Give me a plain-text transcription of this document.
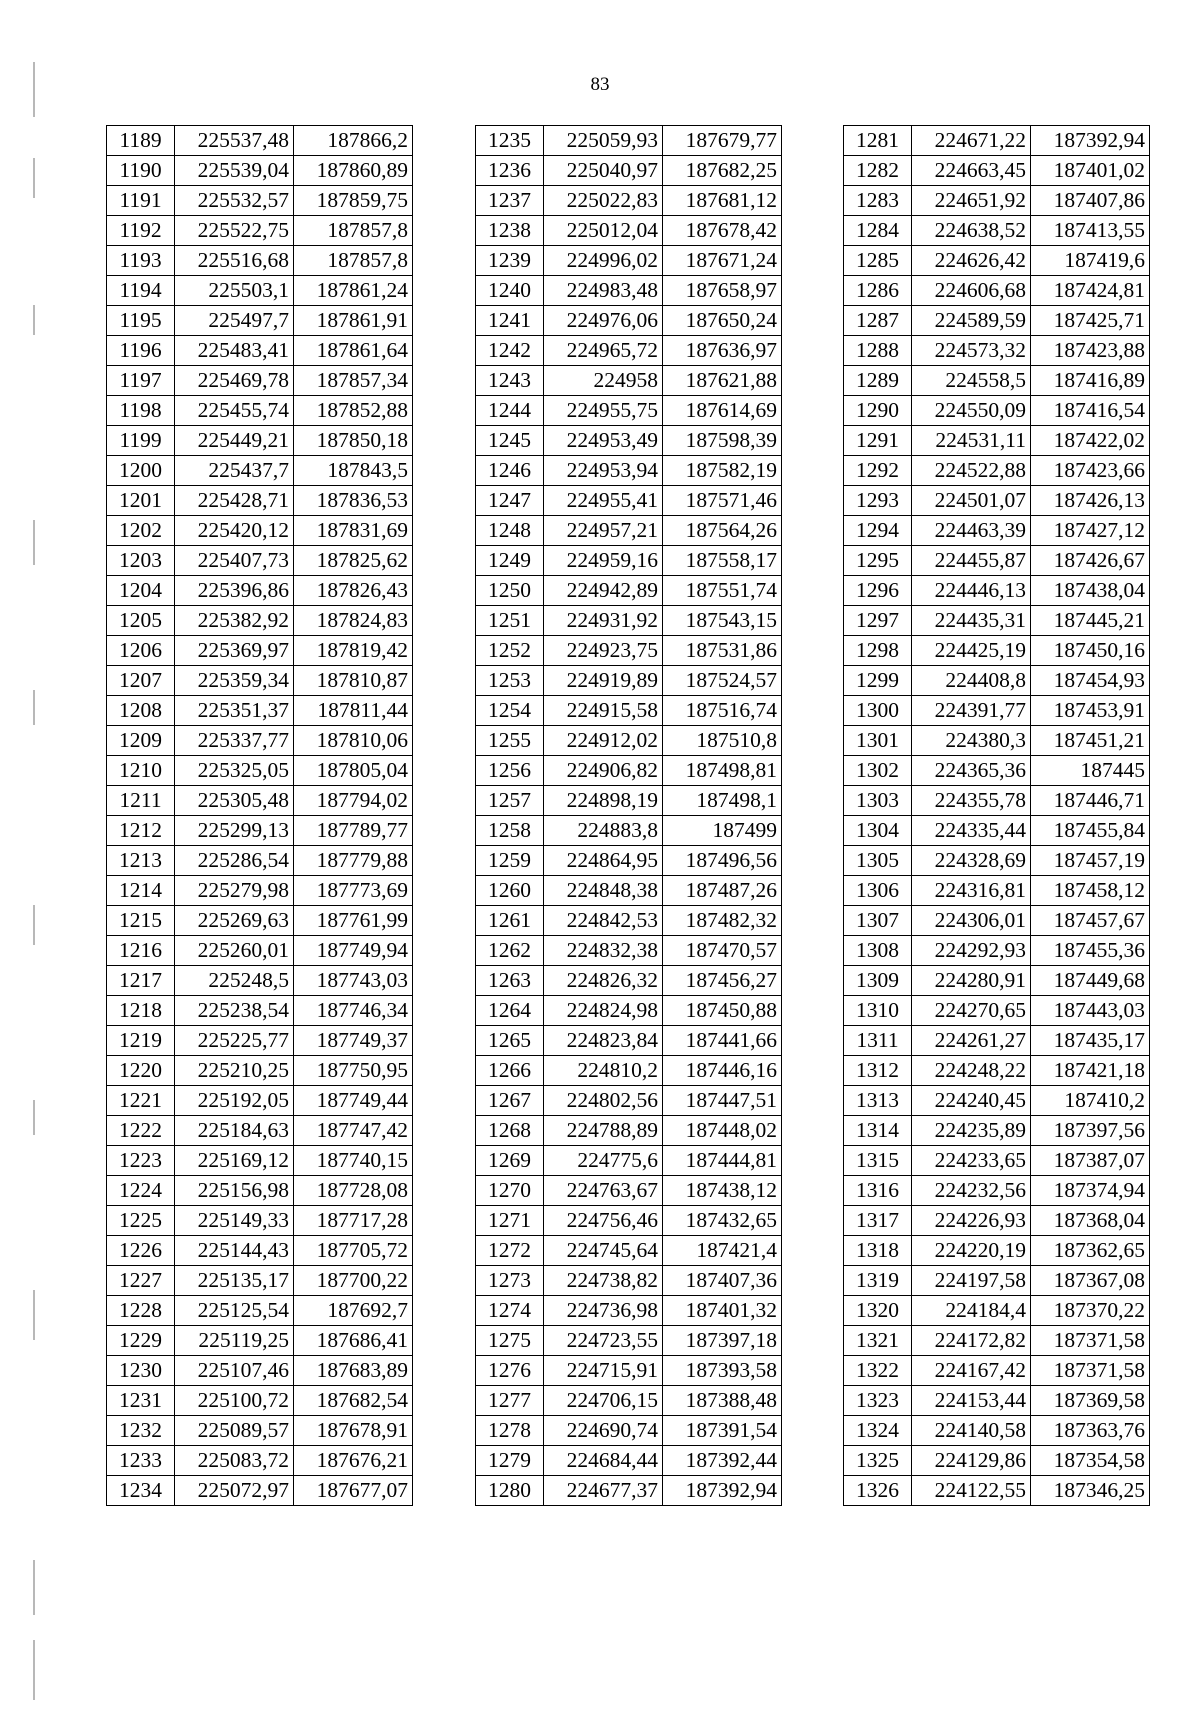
83
1189	225537,48	187866,2
1190	225539,04	187860,89
1191	225532,57	187859,75
1192	225522,75	187857,8
1193	225516,68	187857,8
1194	225503,1	187861,24
1195	225497,7	187861,91
1196	225483,41	187861,64
1197	225469,78	187857,34
1198	225455,74	187852,88
1199	225449,21	187850,18
1200	225437,7	187843,5
1201	225428,71	187836,53
1202	225420,12	187831,69
1203	225407,73	187825,62
1204	225396,86	187826,43
1205	225382,92	187824,83
1206	225369,97	187819,42
1207	225359,34	187810,87
1208	225351,37	187811,44
1209	225337,77	187810,06
1210	225325,05	187805,04
1211	225305,48	187794,02
1212	225299,13	187789,77
1213	225286,54	187779,88
1214	225279,98	187773,69
1215	225269,63	187761,99
1216	225260,01	187749,94
1217	225248,5	187743,03
1218	225238,54	187746,34
1219	225225,77	187749,37
1220	225210,25	187750,95
1221	225192,05	187749,44
1222	225184,63	187747,42
1223	225169,12	187740,15
1224	225156,98	187728,08
1225	225149,33	187717,28
1226	225144,43	187705,72
1227	225135,17	187700,22
1228	225125,54	187692,7
1229	225119,25	187686,41
1230	225107,46	187683,89
1231	225100,72	187682,54
1232	225089,57	187678,91
1233	225083,72	187676,21
1234	225072,97	187677,07
1235	225059,93	187679,77
1236	225040,97	187682,25
1237	225022,83	187681,12
1238	225012,04	187678,42
1239	224996,02	187671,24
1240	224983,48	187658,97
1241	224976,06	187650,24
1242	224965,72	187636,97
1243	224958	187621,88
1244	224955,75	187614,69
1245	224953,49	187598,39
1246	224953,94	187582,19
1247	224955,41	187571,46
1248	224957,21	187564,26
1249	224959,16	187558,17
1250	224942,89	187551,74
1251	224931,92	187543,15
1252	224923,75	187531,86
1253	224919,89	187524,57
1254	224915,58	187516,74
1255	224912,02	187510,8
1256	224906,82	187498,81
1257	224898,19	187498,1
1258	224883,8	187499
1259	224864,95	187496,56
1260	224848,38	187487,26
1261	224842,53	187482,32
1262	224832,38	187470,57
1263	224826,32	187456,27
1264	224824,98	187450,88
1265	224823,84	187441,66
1266	224810,2	187446,16
1267	224802,56	187447,51
1268	224788,89	187448,02
1269	224775,6	187444,81
1270	224763,67	187438,12
1271	224756,46	187432,65
1272	224745,64	187421,4
1273	224738,82	187407,36
1274	224736,98	187401,32
1275	224723,55	187397,18
1276	224715,91	187393,58
1277	224706,15	187388,48
1278	224690,74	187391,54
1279	224684,44	187392,44
1280	224677,37	187392,94
1281	224671,22	187392,94
1282	224663,45	187401,02
1283	224651,92	187407,86
1284	224638,52	187413,55
1285	224626,42	187419,6
1286	224606,68	187424,81
1287	224589,59	187425,71
1288	224573,32	187423,88
1289	224558,5	187416,89
1290	224550,09	187416,54
1291	224531,11	187422,02
1292	224522,88	187423,66
1293	224501,07	187426,13
1294	224463,39	187427,12
1295	224455,87	187426,67
1296	224446,13	187438,04
1297	224435,31	187445,21
1298	224425,19	187450,16
1299	224408,8	187454,93
1300	224391,77	187453,91
1301	224380,3	187451,21
1302	224365,36	187445
1303	224355,78	187446,71
1304	224335,44	187455,84
1305	224328,69	187457,19
1306	224316,81	187458,12
1307	224306,01	187457,67
1308	224292,93	187455,36
1309	224280,91	187449,68
1310	224270,65	187443,03
1311	224261,27	187435,17
1312	224248,22	187421,18
1313	224240,45	187410,2
1314	224235,89	187397,56
1315	224233,65	187387,07
1316	224232,56	187374,94
1317	224226,93	187368,04
1318	224220,19	187362,65
1319	224197,58	187367,08
1320	224184,4	187370,22
1321	224172,82	187371,58
1322	224167,42	187371,58
1323	224153,44	187369,58
1324	224140,58	187363,76
1325	224129,86	187354,58
1326	224122,55	187346,25
